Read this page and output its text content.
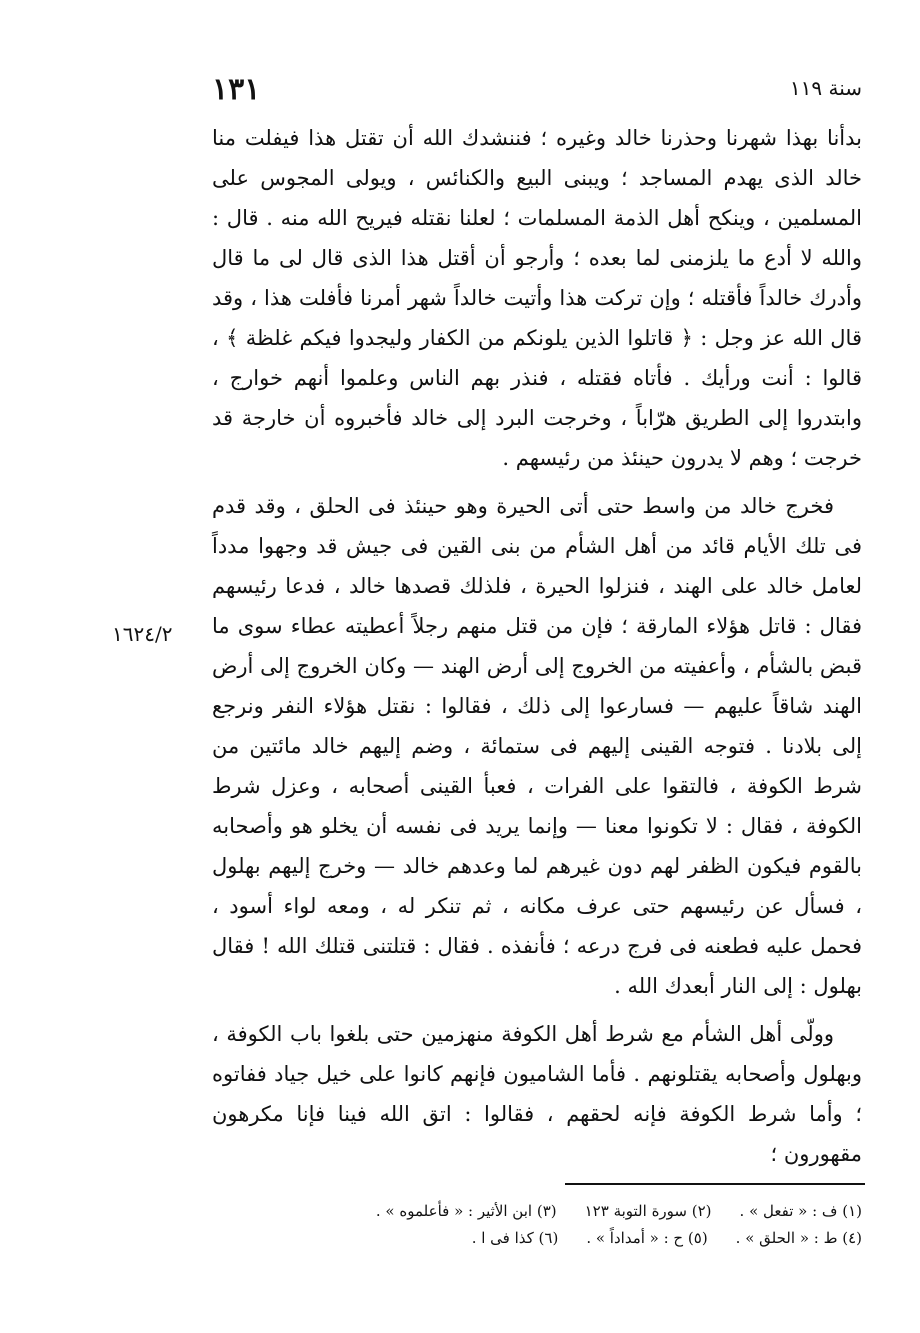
سنة ١١٩
١٣١
١٦٢٤/٢

بدأنا بهذا شهرنا وحذرنا خالد وغيره ؛ فننشدك الله أن تقتل هذا فيفلت منا خالد الذى يهدم المساجد ؛ ويبنى البيع والكنائس ، ويولى المجوس على المسلمين ، وينكح أهل الذمة المسلمات ؛ لعلنا نقتله فيريح الله منه . قال : والله لا أدع ما يلزمنى لما بعده ؛ وأرجو أن أقتل هذا الذى قال لى ما قال وأدرك خالداً فأقتله ؛ وإن تركت هذا وأتيت خالداً شهر أمرنا فأفلت هذا ، وقد قال الله عز وجل : ﴿ قاتلوا الذين يلونكم من الكفار وليجدوا فيكم غلظة ﴾ ، قالوا : أنت ورأيك . فأتاه فقتله ، فنذر بهم الناس وعلموا أنهم خوارج ، وابتدروا إلى الطريق هرّاباً ، وخرجت البرد إلى خالد فأخبروه أن خارجة قد خرجت ؛ وهم لا يدرون حينئذ من رئيسهم .

فخرج خالد من واسط حتى أتى الحيرة وهو حينئذ فى الحلق ، وقد قدم فى تلك الأيام قائد من أهل الشأم من بنى القين فى جيش قد وجهوا مدداً لعامل خالد على الهند ، فنزلوا الحيرة ، فلذلك قصدها خالد ، فدعا رئيسهم فقال : قاتل هؤلاء المارقة ؛ فإن من قتل منهم رجلاً أعطيته عطاء سوى ما قبض بالشأم ، وأعفيته من الخروج إلى أرض الهند — وكان الخروج إلى أرض الهند شاقاً عليهم — فسارعوا إلى ذلك ، فقالوا : نقتل هؤلاء النفر ونرجع إلى بلادنا . فتوجه القينى إليهم فى ستمائة ، وضم إليهم خالد مائتين من شرط الكوفة ، فالتقوا على الفرات ، فعبأ القينى أصحابه ، وعزل شرط الكوفة ، فقال : لا تكونوا معنا — وإنما يريد فى نفسه أن يخلو هو وأصحابه بالقوم فيكون الظفر لهم دون غيرهم لما وعدهم خالد — وخرج إليهم بهلول ، فسأل عن رئيسهم حتى عرف مكانه ، ثم تنكر له ، ومعه لواء أسود ، فحمل عليه فطعنه فى فرج درعه ؛ فأنفذه . فقال : قتلتنى قتلك الله ! فقال بهلول : إلى النار أبعدك الله .

وولّى أهل الشأم مع شرط أهل الكوفة منهزمين حتى بلغوا باب الكوفة ، وبهلول وأصحابه يقتلونهم . فأما الشاميون فإنهم كانوا على خيل جياد ففاتوه ؛ وأما شرط الكوفة فإنه لحقهم ، فقالوا : اتق الله فينا فإنا مكرهون مقهورون ؛

(١) ف : « تفعل » .
(٢) سورة التوبة ١٢٣
(٣) ابن الأثير : « فأعلموه » .
(٤) ط : « الحلق » .
(٥) ح : « أمداداً » .
(٦) كذا فى ا .
